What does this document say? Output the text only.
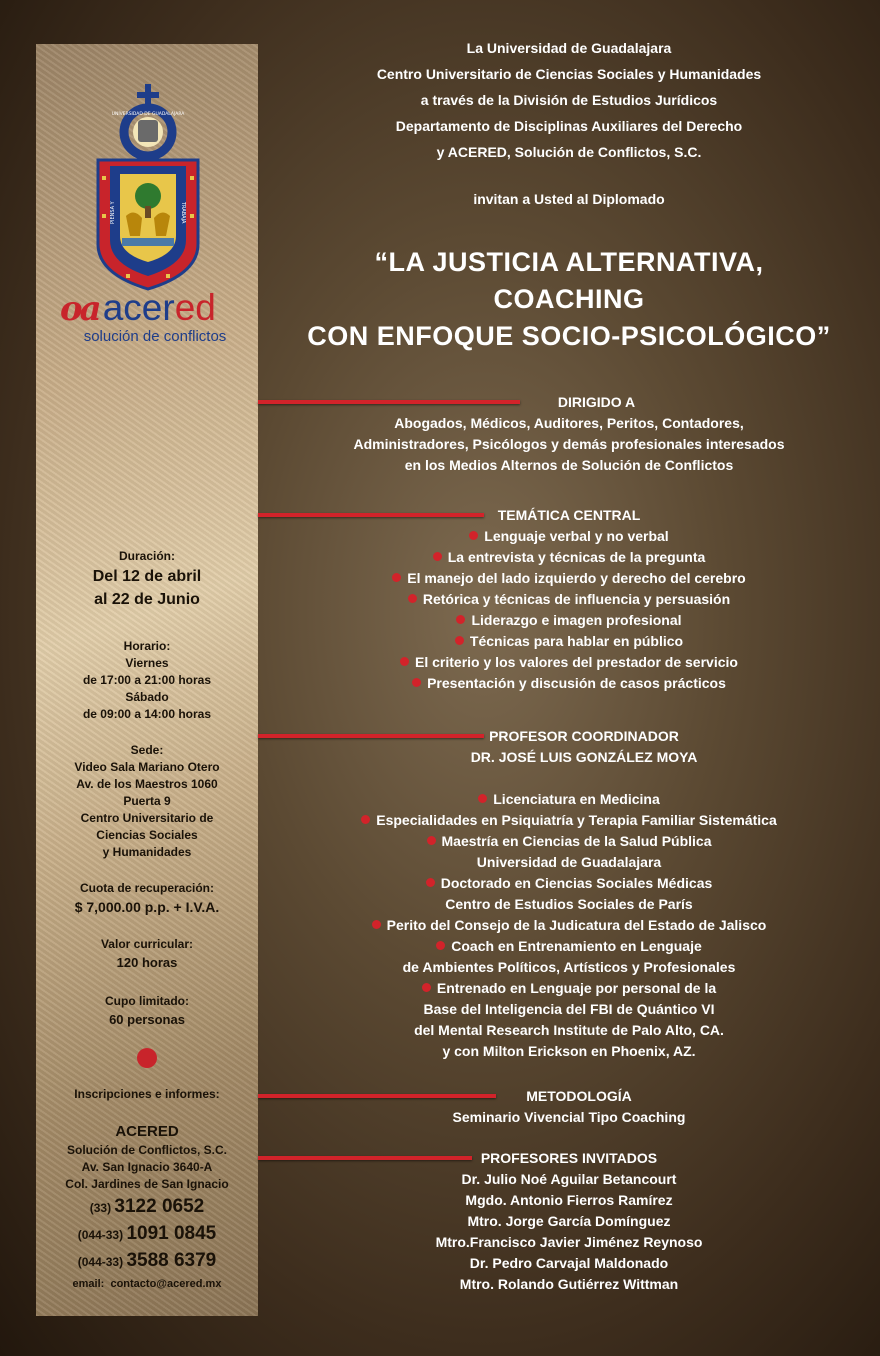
UNIVERSIDAD DE GUADALAJARA
PIENSA Y	TRABAJA
oa acered
solución de conflictos
Duración:
Del 12 de abril
al 22 de Junio
Horario:
Viernes
de 17:00 a 21:00 horas
Sábado
de 09:00 a 14:00 horas
Sede:
Video Sala Mariano Otero
Av. de los Maestros 1060
Puerta 9
Centro Universitario de
Ciencias Sociales
y Humanidades
Cuota de recuperación:
$ 7,000.00 p.p. + I.V.A.
Valor curricular:
120 horas
Cupo limitado:
60 personas
Inscripciones e informes:
ACERED
Solución de Conflictos, S.C.
Av. San Ignacio 3640-A
Col. Jardines de San Ignacio
(33) 3122 0652
(044-33) 1091 0845
(044-33) 3588 6379
email: contacto@acered.mx
La Universidad de Guadalajara
Centro Universitario de Ciencias Sociales y Humanidades
a través de la División de Estudios Jurídicos
Departamento de Disciplinas Auxiliares del Derecho
y ACERED, Solución de Conflictos, S.C.
invitan a Usted al Diplomado
“LA JUSTICIA ALTERNATIVA,
COACHING
CON ENFOQUE SOCIO-PSICOLÓGICO”
DIRIGIDO A
Abogados, Médicos, Auditores, Peritos, Contadores,
Administradores, Psicólogos y demás profesionales interesados
en los Medios Alternos de Solución de Conflictos
TEMÁTICA CENTRAL
Lenguaje verbal y no verbal
La entrevista y técnicas de la pregunta
El manejo del lado izquierdo y derecho del cerebro
Retórica y técnicas de influencia y persuasión
Liderazgo e imagen profesional
Técnicas para hablar en público
El criterio y los valores del prestador de servicio
Presentación y discusión de casos prácticos
PROFESOR COORDINADOR
DR. JOSÉ LUIS GONZÁLEZ MOYA
Licenciatura en Medicina
Especialidades en Psiquiatría y Terapia Familiar Sistemática
Maestría en Ciencias de la Salud Pública
Universidad de Guadalajara
Doctorado en Ciencias Sociales Médicas
Centro de Estudios Sociales de París
Perito del Consejo de la Judicatura del Estado de Jalisco
Coach en Entrenamiento en Lenguaje
de Ambientes Políticos, Artísticos y Profesionales
Entrenado en Lenguaje por personal de la
Base del Inteligencia del FBI de Quántico VI
del Mental Research Institute de Palo Alto, CA.
y con Milton Erickson en Phoenix, AZ.
METODOLOGÍA
Seminario Vivencial Tipo Coaching
PROFESORES INVITADOS
Dr. Julio Noé Aguilar Betancourt
Mgdo. Antonio Fierros Ramírez
Mtro. Jorge García Domínguez
Mtro.Francisco Javier Jiménez Reynoso
Dr. Pedro Carvajal Maldonado
Mtro. Rolando Gutiérrez Wittman
